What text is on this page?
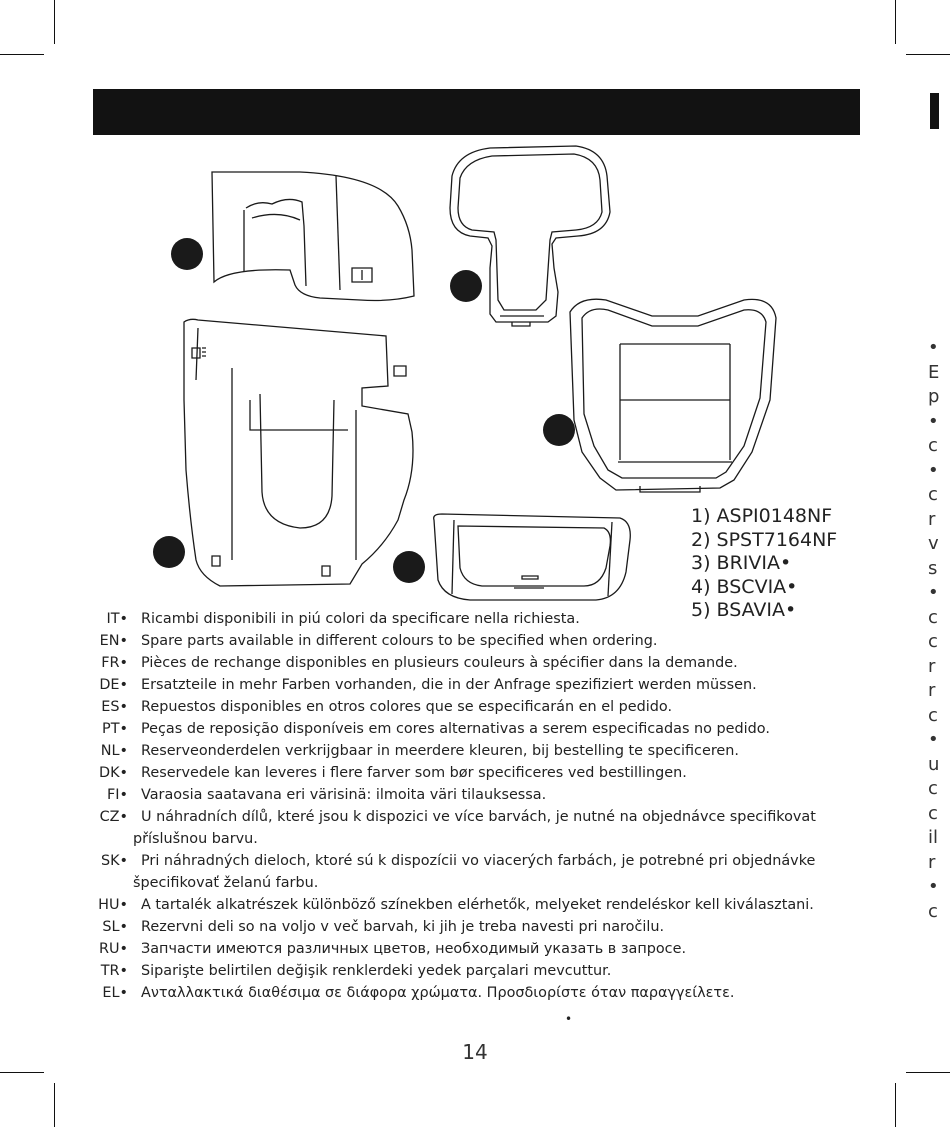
1) ASPI0148NF
2) SPST7164NF
3) BRIVIA•
4) BSCVIA•
5) BSAVIA•
IT• Ricambi disponibili in piú colori da specificare nella richiesta.
EN• Spare parts available in different colours to be specified when ordering.
FR• Pièces de rechange disponibles en plusieurs couleurs à spécifier dans la demande.
DE• Ersatzteile in mehr Farben vorhanden, die in der Anfrage spezifiziert werden müssen.
ES• Repuestos disponibles en otros colores que se especificarán en el pedido.
PT• Peças de reposição disponíveis em cores alternativas a serem especificadas no pedido.
NL• Reserveonderdelen verkrijgbaar in meerdere kleuren, bij bestelling te specificeren.
DK• Reservedele kan leveres i flere farver som bør specificeres ved bestillingen.
FI• Varaosia saatavana eri värisinä: ilmoita väri tilauksessa.
CZ• U náhradních dílů, které jsou k dispozici ve více barvách, je nutné na objednávce specifikovat
příslušnou barvu.
SK• Pri náhradných dieloch, ktoré sú k dispozícii vo viacerých farbách, je potrebné pri objednávke
špecifikovať želanú farbu.
HU• A tartalék alkatrészek különböző színekben elérhetők, melyeket rendeléskor kell kiválasztani.
SL• Rezervni deli so na voljo v več barvah, ki jih je treba navesti pri naročilu.
RU• Запчасти имеются различных цветов, необходимый указать в запросе.
TR• Siparişte belirtilen değişik renklerdeki yedek parçalari mevcuttur.
EL• Ανταλλακτικά διαθέσιμα σε διάφορα χρώματα. Προσδιορίστε όταν παραγγείλετε.
•
E
p
•
c
•
c
r
v
s
•
c
c
r
r
c
•
u
c
c
il
r
•
c
•
14
